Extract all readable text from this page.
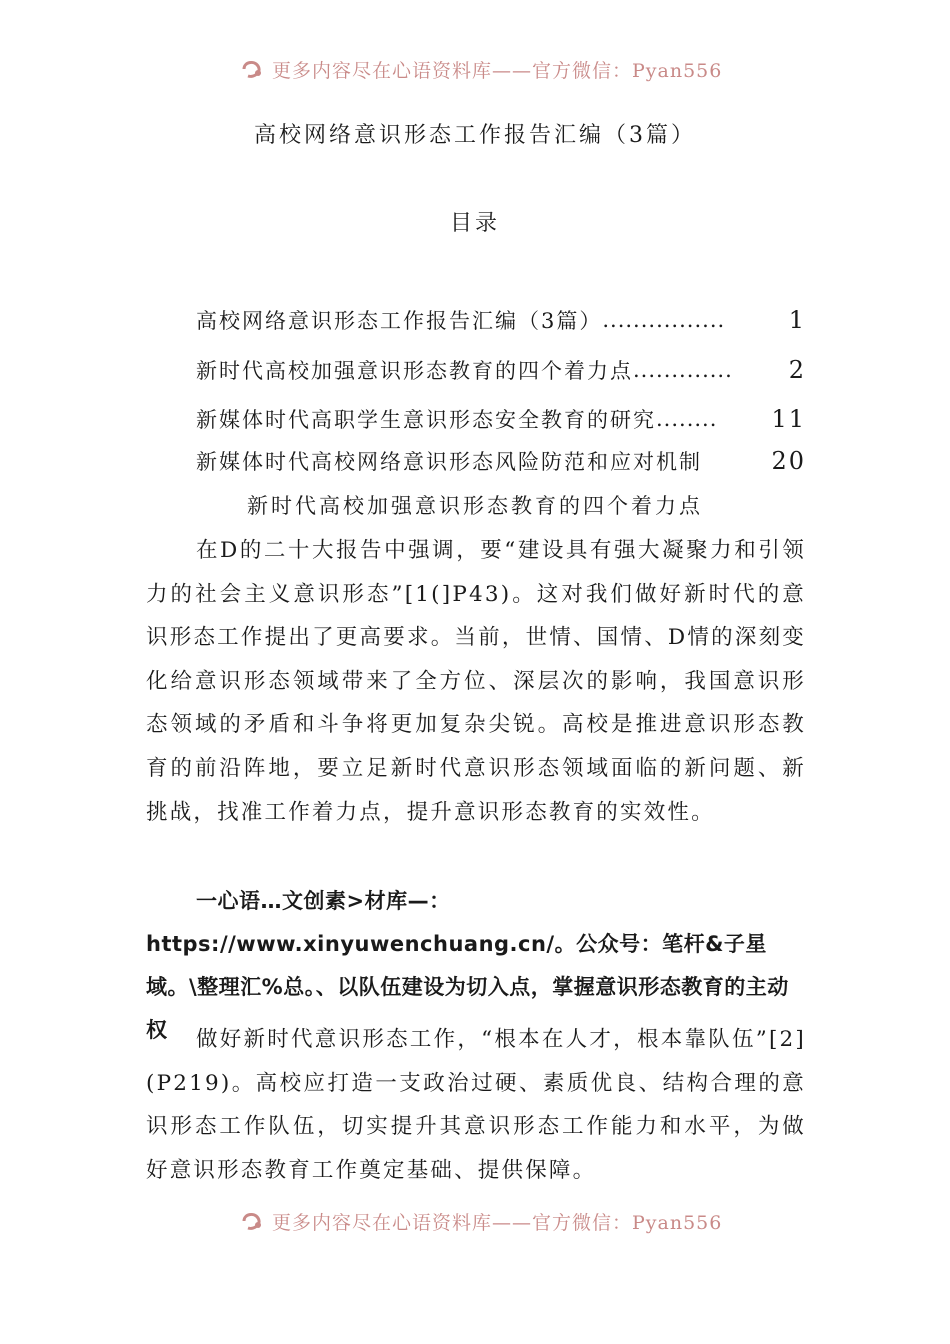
更多内容尽在心语资料库——官方微信：Pyan556
高校网络意识形态工作报告汇编（3篇）
目录
高校网络意识形态工作报告汇编（3篇） ................	1
新时代高校加强意识形态教育的四个着力点 .............	2
新媒体时代高职学生意识形态安全教育的研究 ........	11
新媒体时代高校网络意识形态风险防范和应对机制	20
新时代高校加强意识形态教育的四个着力点

在D的二十大报告中强调，要“建设具有强大凝聚力和引领力的社会主义意识形态”[1(]P43)。这对我们做好新时代的意识形态工作提出了更高要求。当前，世情、国情、D情的深刻变化给意识形态领域带来了全方位、深层次的影响，我国意识形态领域的矛盾和斗争将更加复杂尖锐。高校是推进意识形态教育的前沿阵地，要立足新时代意识形态领域面临的新问题、新挑战，找准工作着力点，提升意识形态教育的实效性。

一心语…文创素>材库—：https://www.xinyuwenchuang.cn/。公众号：笔杆&子星域。\整理汇%总。、以队伍建设为切入点，掌握意识形态教育的主动权	做好新时代意识形态工作，“根本在人才，根本靠队伍”[2](P219)。高校应打造一支政治过硬、素质优良、结构合理的意识形态工作队伍，切实提升其意识形态工作能力和水平，为做好意识形态教育工作奠定基础、提供保障。

更多内容尽在心语资料库——官方微信：Pyan556
